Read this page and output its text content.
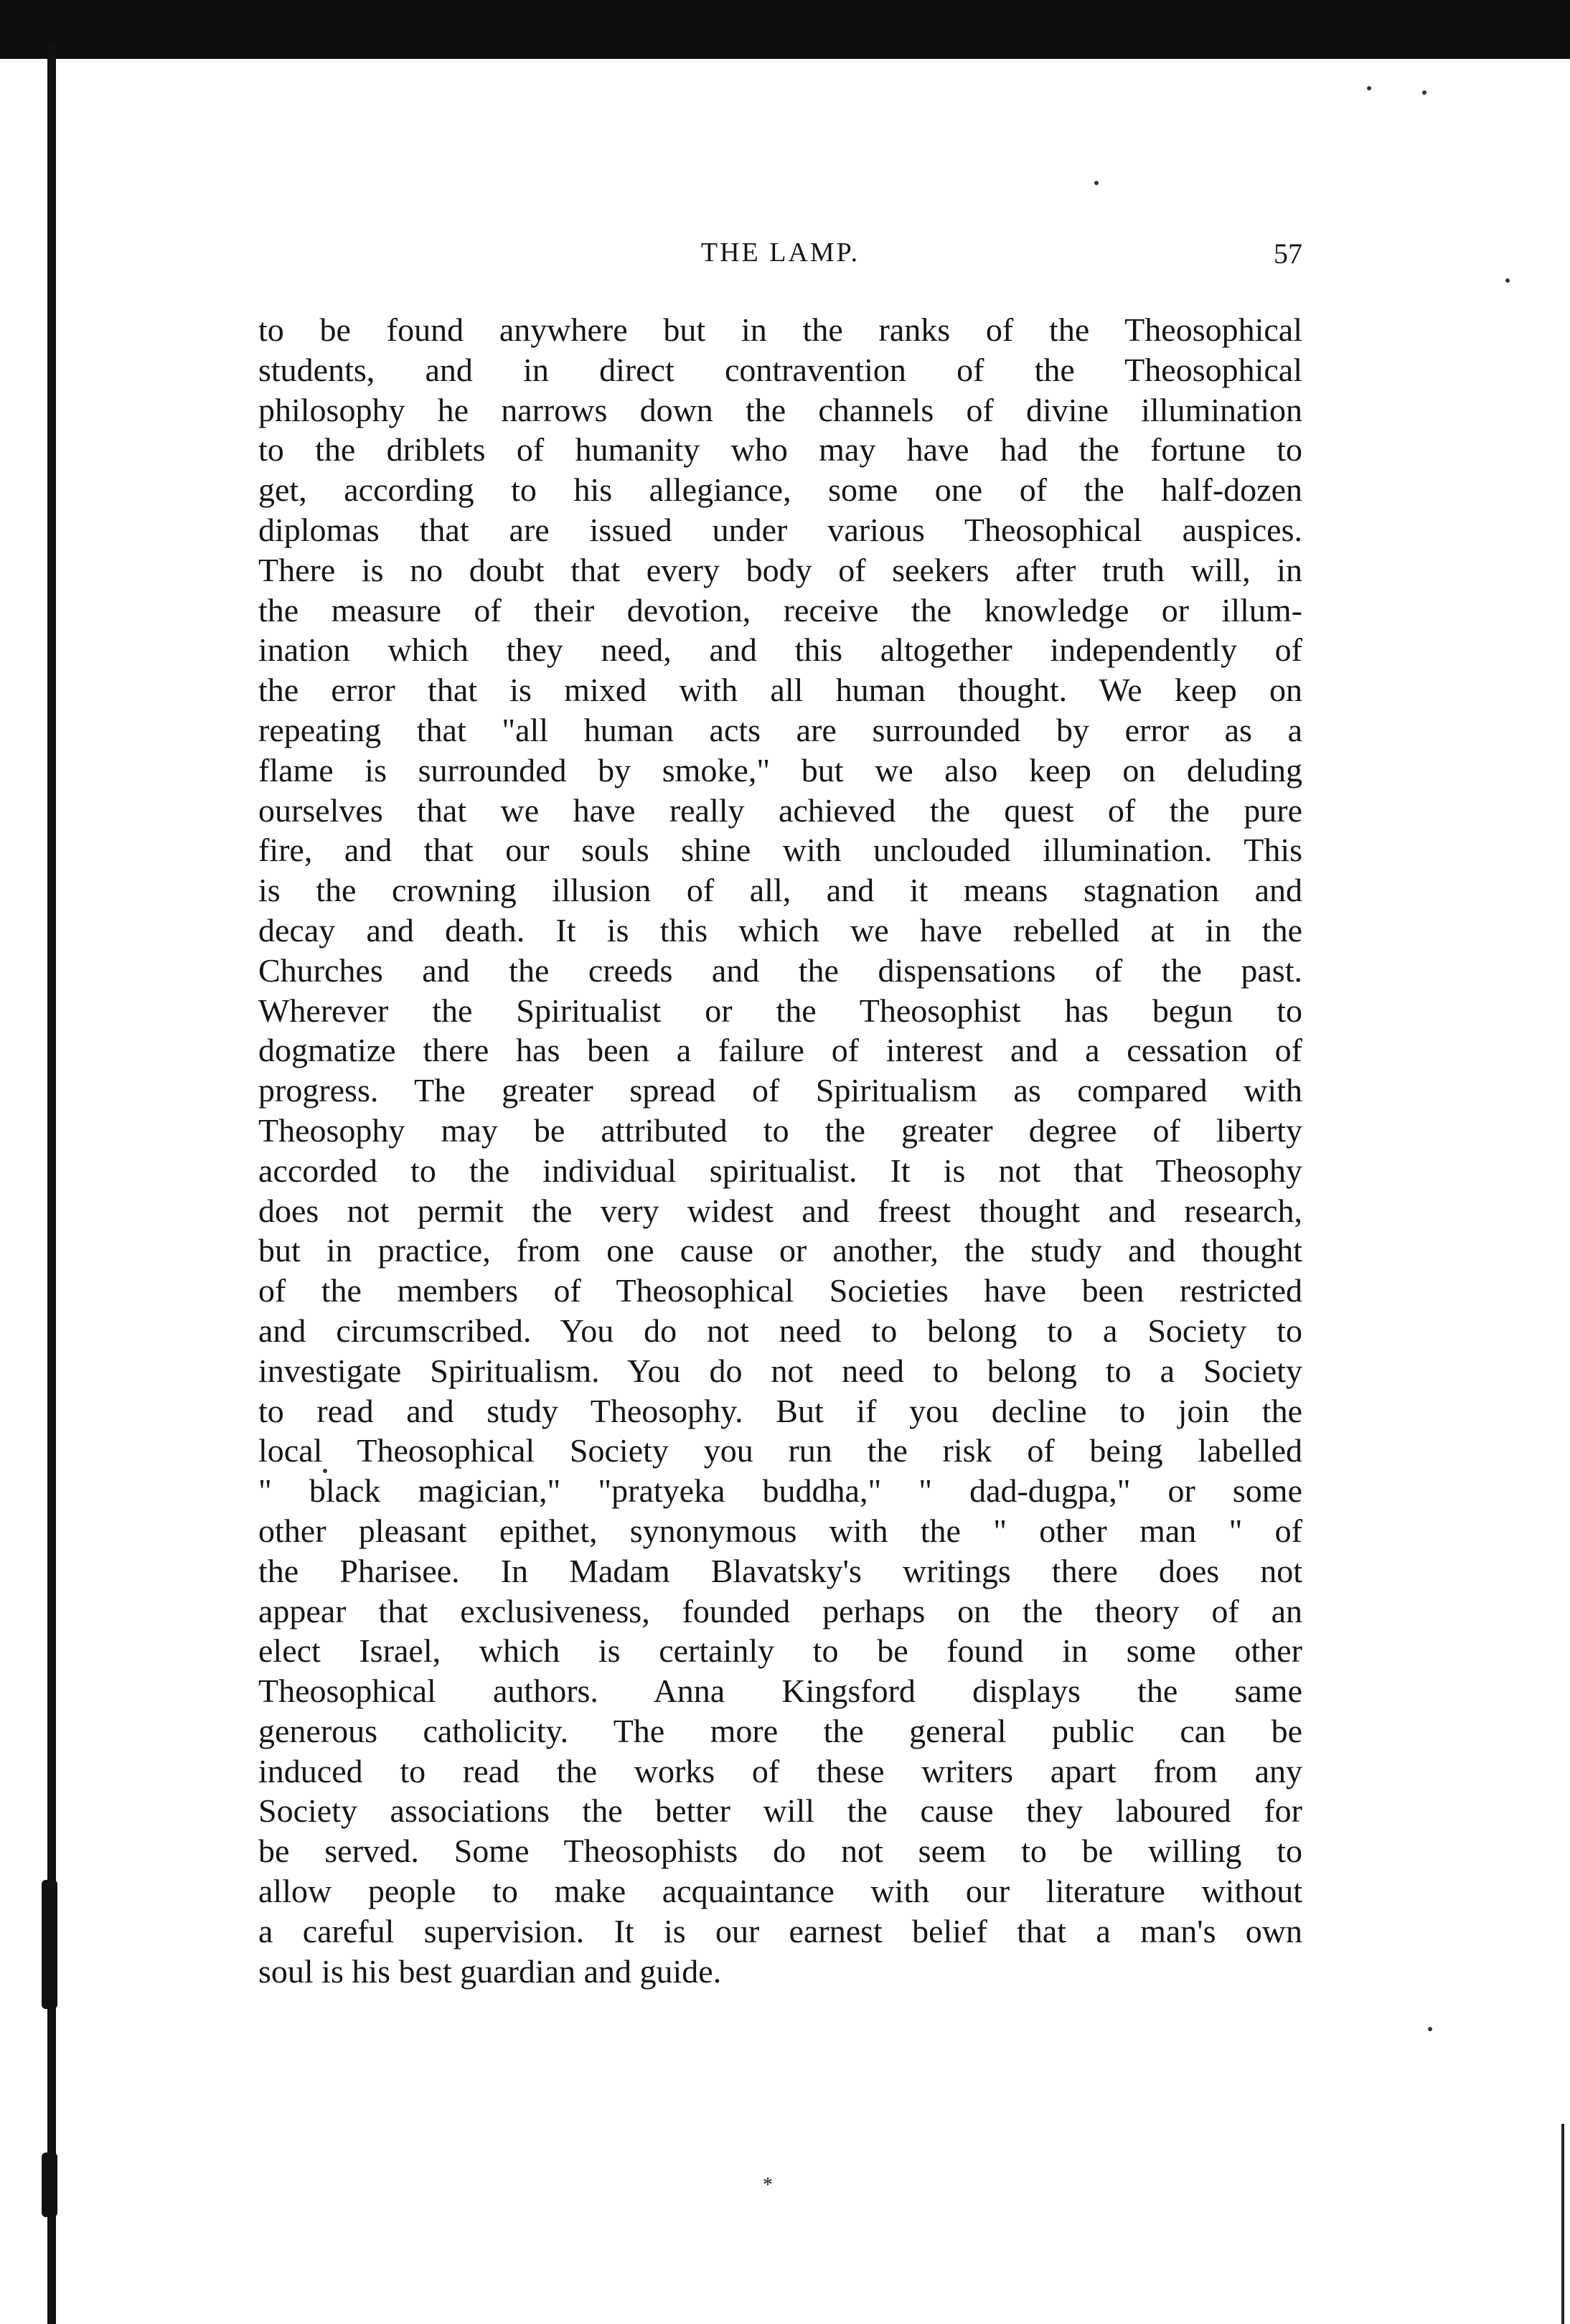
THE LAMP.	57
to be found anywhere but in the ranks of the Theosophical
students, and in direct contravention of the Theosophical
philosophy he narrows down the channels of divine illumination
to the driblets of humanity who may have had the fortune to
get, according to his allegiance, some one of the half-dozen
diplomas that are issued under various Theosophical auspices.
There is no doubt that every body of seekers after truth will, in
the measure of their devotion, receive the knowledge or illum-
ination which they need, and this altogether independently of
the error that is mixed with all human thought. We keep on
repeating that "all human acts are surrounded by error as a
flame is surrounded by smoke," but we also keep on deluding
ourselves that we have really achieved the quest of the pure
fire, and that our souls shine with unclouded illumination. This
is the crowning illusion of all, and it means stagnation and
decay and death. It is this which we have rebelled at in the
Churches and the creeds and the dispensations of the past.
Wherever the Spiritualist or the Theosophist has begun to
dogmatize there has been a failure of interest and a cessation of
progress. The greater spread of Spiritualism as compared with
Theosophy may be attributed to the greater degree of liberty
accorded to the individual spiritualist. It is not that Theosophy
does not permit the very widest and freest thought and research,
but in practice, from one cause or another, the study and thought
of the members of Theosophical Societies have been restricted
and circumscribed. You do not need to belong to a Society to
investigate Spiritualism. You do not need to belong to a Society
to read and study Theosophy. But if you decline to join the
local Theosophical Society you run the risk of being labelled
" black magician," "pratyeka buddha," " dad-dugpa," or some
other pleasant epithet, synonymous with the " other man " of
the Pharisee. In Madam Blavatsky's writings there does not
appear that exclusiveness, founded perhaps on the theory of an
elect Israel, which is certainly to be found in some other
Theosophical authors. Anna Kingsford displays the same
generous catholicity. The more the general public can be
induced to read the works of these writers apart from any
Society associations the better will the cause they laboured for
be served. Some Theosophists do not seem to be willing to
allow people to make acquaintance with our literature without
a careful supervision. It is our earnest belief that a man's own
soul is his best guardian and guide.
*
